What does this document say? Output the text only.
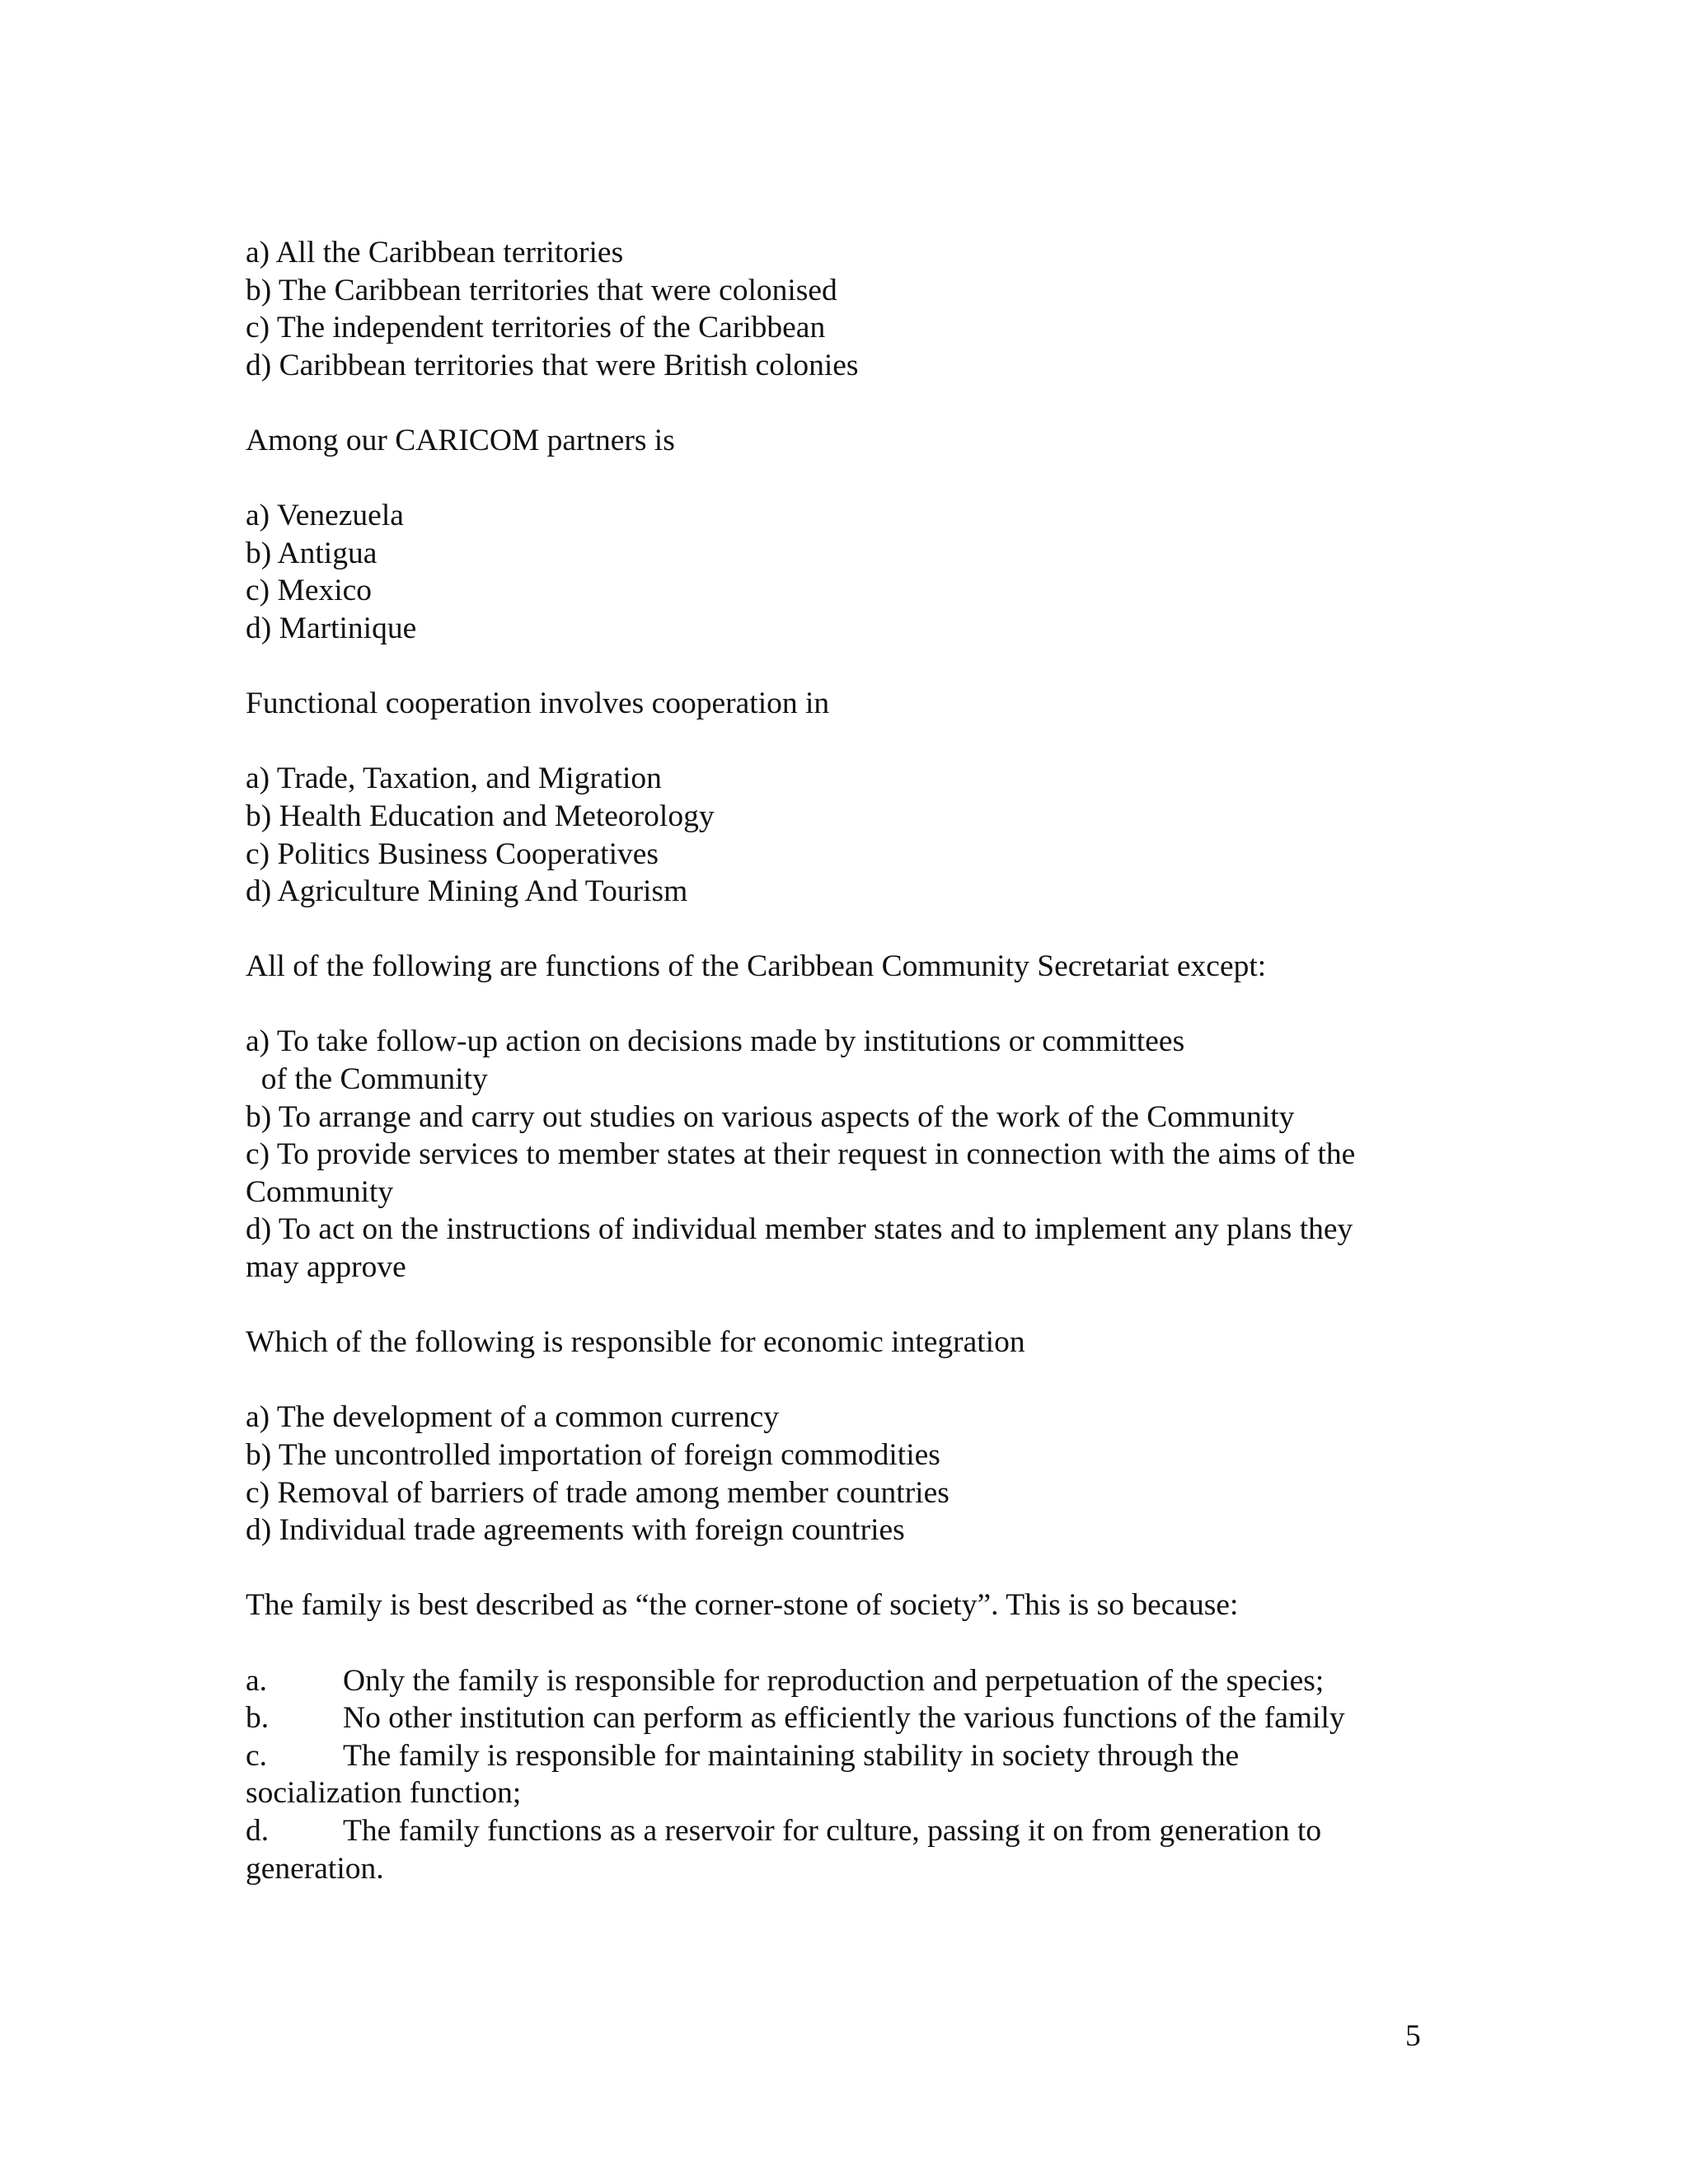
a) All the Caribbean territories
b) The Caribbean territories that were colonised
c) The independent territories of the Caribbean
d) Caribbean territories that were British colonies
Among our CARICOM partners is
a) Venezuela
b) Antigua
c) Mexico
d) Martinique
Functional cooperation involves cooperation in
a) Trade, Taxation, and Migration
b) Health Education and Meteorology
c) Politics Business Cooperatives
d) Agriculture Mining And Tourism
All of the following are functions of the Caribbean Community Secretariat except:
a) To take follow-up action on decisions made by institutions or committees
of the Community
b) To arrange and carry out studies on various aspects of the work of the Community
c) To provide services to member states at their request in connection with the aims of the
Community
d) To act on the instructions of individual member states and to implement any plans they
may approve
Which of the following is responsible for economic integration
a) The development of a common currency
b) The uncontrolled importation of foreign commodities
c) Removal of barriers of trade among member countries
d) Individual trade agreements with foreign countries
The family is best described as “the corner-stone of society”. This is so because:
a.	Only the family is responsible for reproduction and perpetuation of the species;
b.	No other institution can perform as efficiently the various functions of the family
c.	The family is responsible for maintaining stability in society through the
socialization function;
d.	The family functions as a reservoir for culture, passing it on from generation to
generation.
5
